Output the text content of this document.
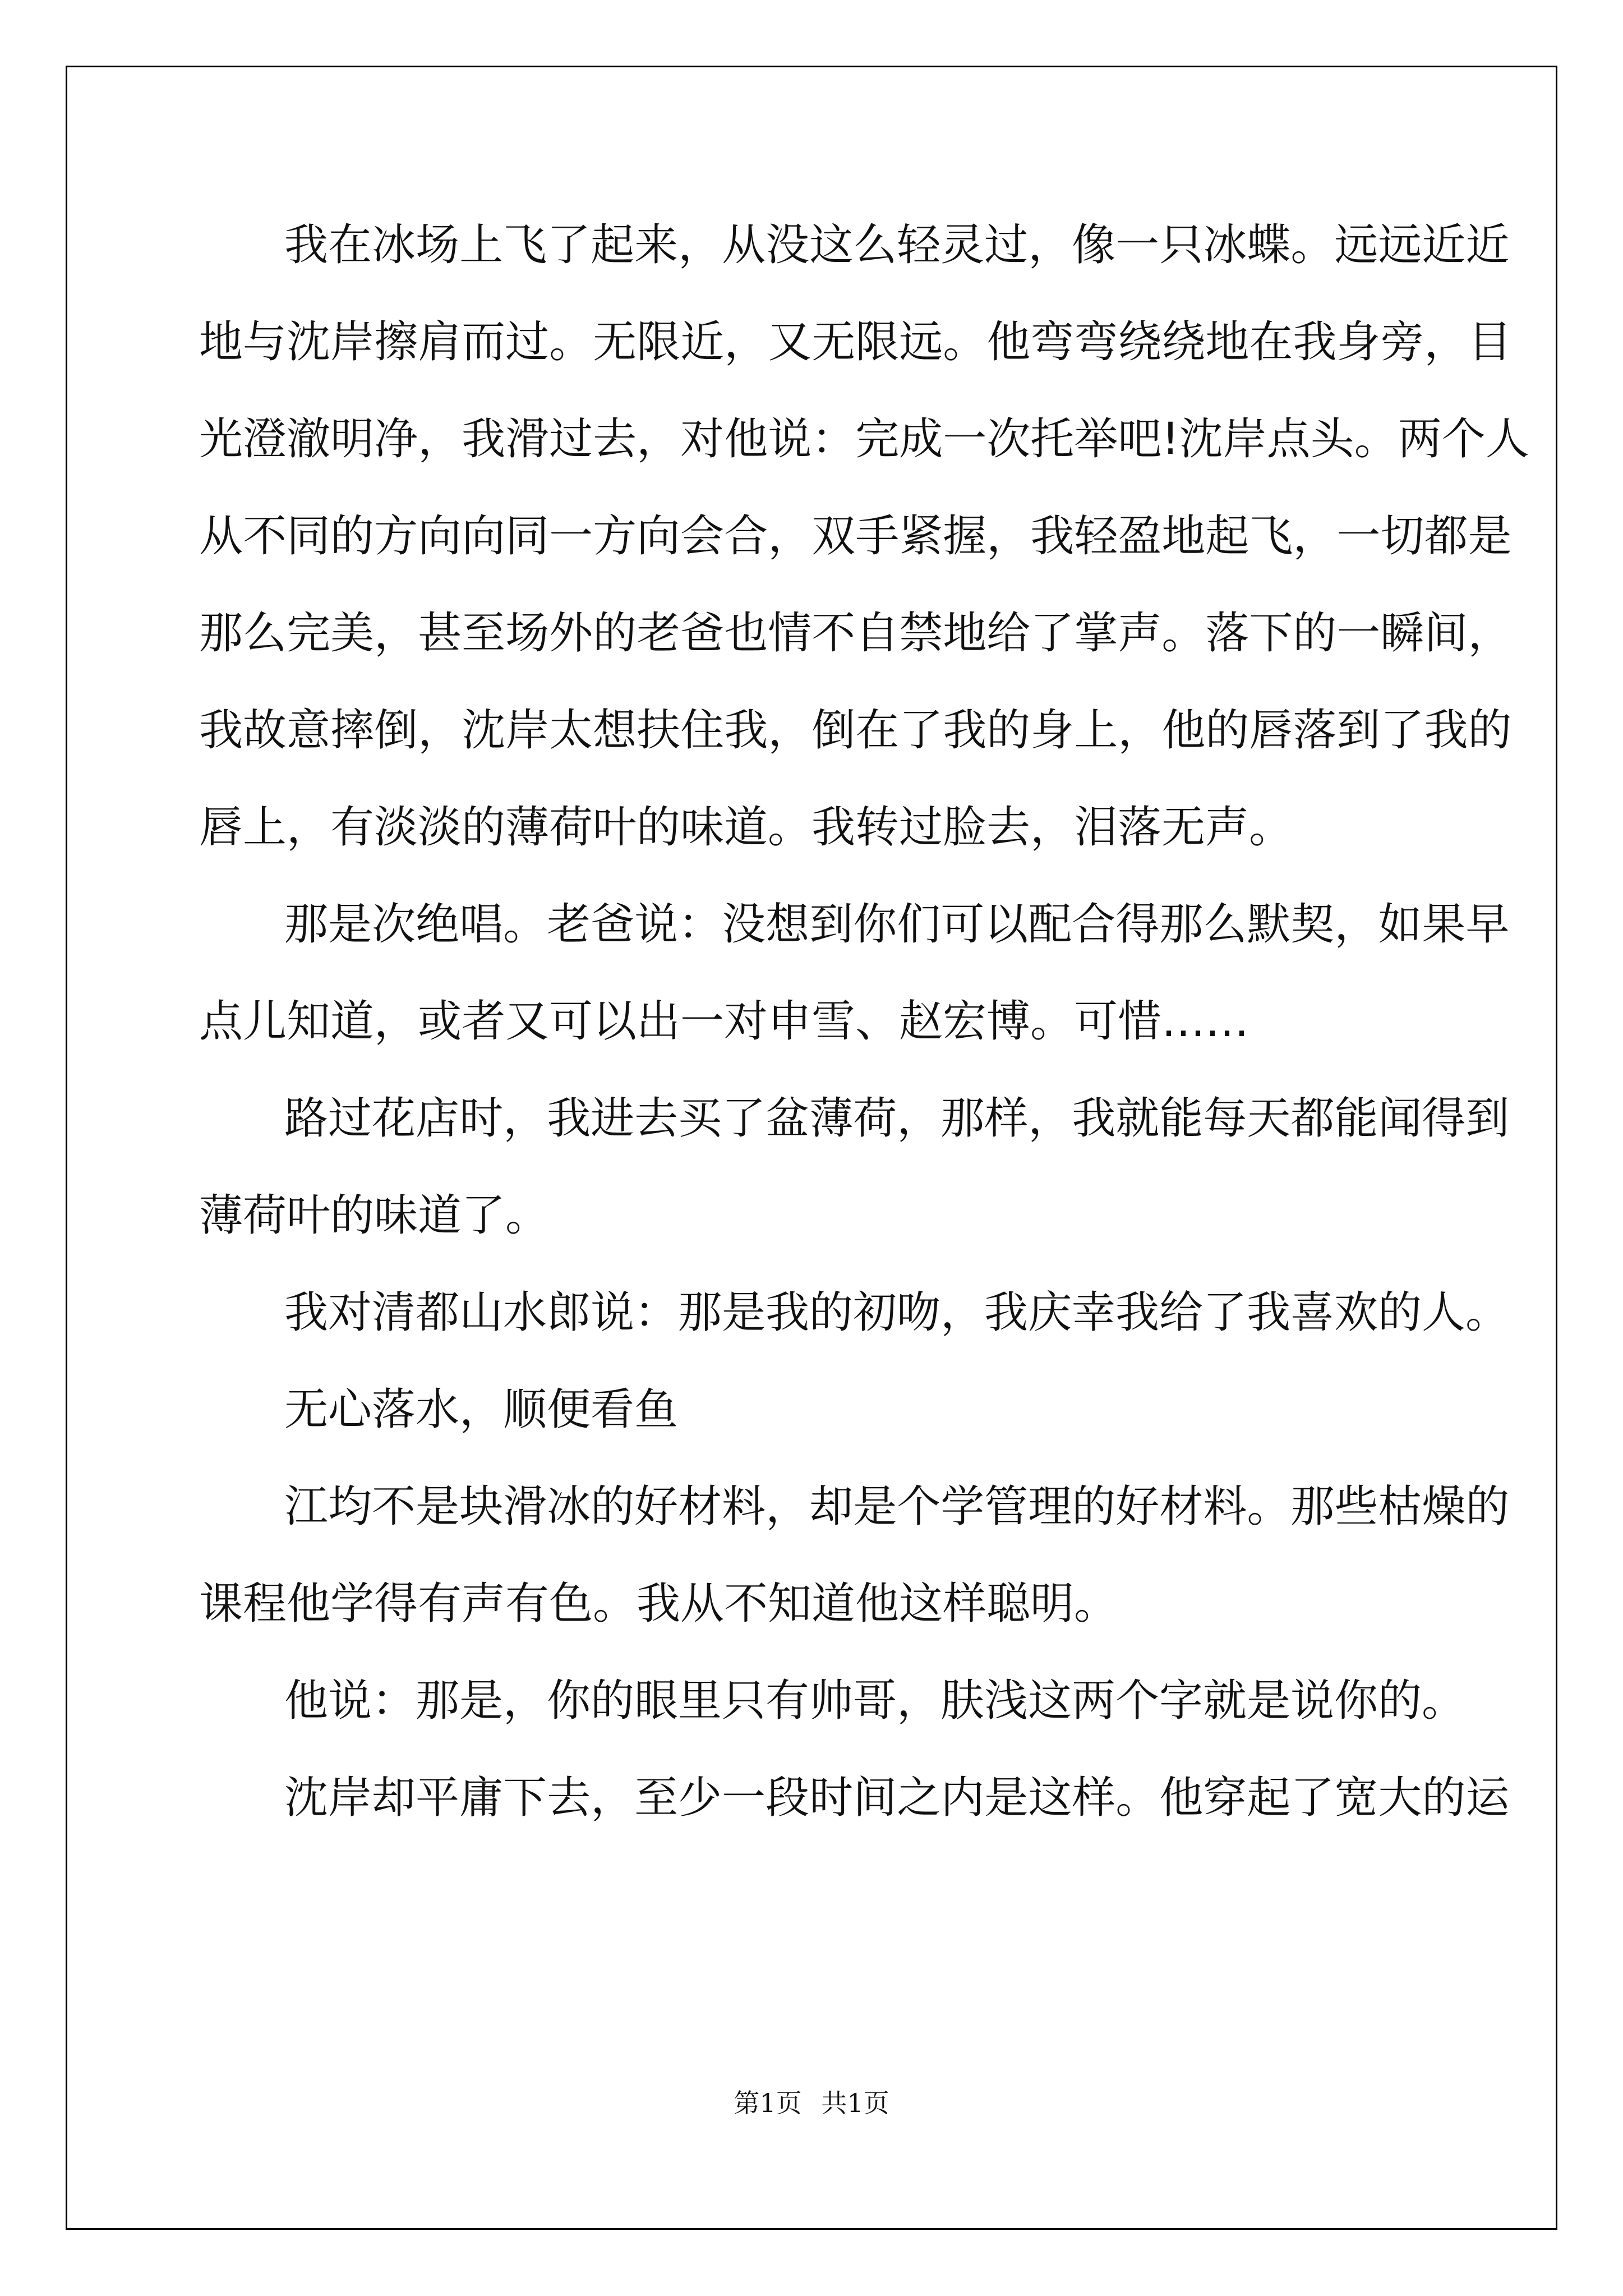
我 在 冰 场 上 飞 了 起 来 ， 从 没 这 么 轻 灵 过 ， 像 一 只 冰 蝶 。 远 远 近 近
地 与 沈 岸 擦 肩 而 过 。 无 限 近 ， 又 无 限 远 。 他 弯 弯 绕 绕 地 在 我 身 旁 ， 目
光 澄 澈 明 净 ， 我 滑 过 去 ， 对 他 说 ： 完 成 一 次 托 举 吧 ! 沈 岸 点 头 。 两 个 人
从 不 同 的 方 向 向 同 一 方 向 会 合 ， 双 手 紧 握 ， 我 轻 盈 地 起 飞 ， 一 切 都 是
那 么 完 美 ， 甚 至 场 外 的 老 爸 也 情 不 自 禁 地 给 了 掌 声 。 落 下 的 一 瞬 间 ，
我 故 意 摔 倒 ， 沈 岸 太 想 扶 住 我 ， 倒 在 了 我 的 身 上 ， 他 的 唇 落 到 了 我 的
唇上，有淡淡的薄荷叶的味道。我转过脸去，泪落无声。
那 是 次 绝 唱 。 老 爸 说 ： 没 想 到 你 们 可 以 配 合 得 那 么 默 契 ， 如 果 早
点儿知道，或者又可以出一对申雪、赵宏博。可惜……
路 过 花 店 时 ， 我 进 去 买 了 盆 薄 荷 ， 那 样 ， 我 就 能 每 天 都 能 闻 得 到
薄荷叶的味道了。
我对清都山水郎说：那是我的初吻，我庆幸我给了我喜欢的人。
无心落水，顺便看鱼
江 均 不 是 块 滑 冰 的 好 材 料 ， 却 是 个 学 管 理 的 好 材 料 。 那 些 枯 燥 的
课程他学得有声有色。我从不知道他这样聪明。
他说：那是，你的眼里只有帅哥，肤浅这两个字就是说你的。
沈 岸 却 平 庸 下 去 ， 至 少 一 段 时 间 之 内 是 这 样 。 他 穿 起 了 宽 大 的 运
第1页 共1页
